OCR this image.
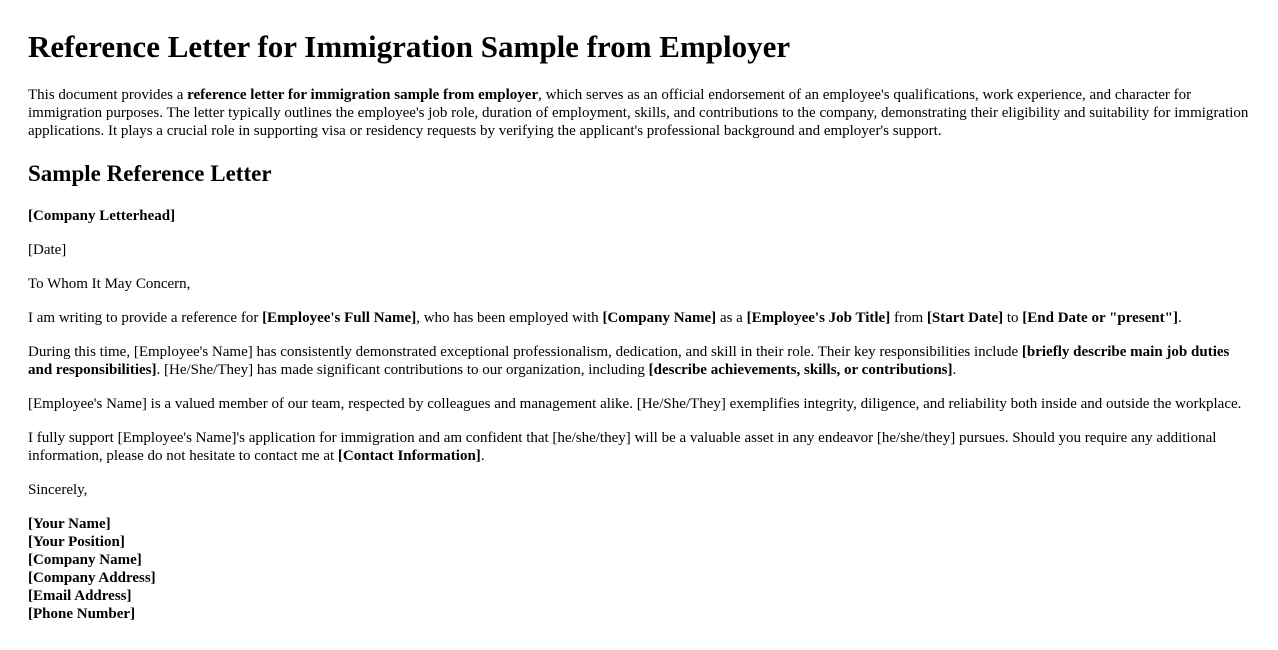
Reference Letter for Immigration Sample from Employer

This document provides a reference letter for immigration sample from employer, which serves as an official endorsement of an employee's qualifications, work experience, and character for immigration purposes. The letter typically outlines the employee's job role, duration of employment, skills, and contributions to the company, demonstrating their eligibility and suitability for immigration applications. It plays a crucial role in supporting visa or residency requests by verifying the applicant's professional background and employer's support.

Sample Reference Letter

[Company Letterhead]

[Date]

To Whom It May Concern,

I am writing to provide a reference for [Employee's Full Name], who has been employed with [Company Name] as a [Employee's Job Title] from [Start Date] to [End Date or "present"].

During this time, [Employee's Name] has consistently demonstrated exceptional professionalism, dedication, and skill in their role. Their key responsibilities include [briefly describe main job duties and responsibilities]. [He/She/They] has made significant contributions to our organization, including [describe achievements, skills, or contributions].

[Employee's Name] is a valued member of our team, respected by colleagues and management alike. [He/She/They] exemplifies integrity, diligence, and reliability both inside and outside the workplace.

I fully support [Employee's Name]'s application for immigration and am confident that [he/she/they] will be a valuable asset in any endeavor [he/she/they] pursues. Should you require any additional information, please do not hesitate to contact me at [Contact Information].

Sincerely,

[Your Name]
[Your Position]
[Company Name]
[Company Address]
[Email Address]
[Phone Number]
